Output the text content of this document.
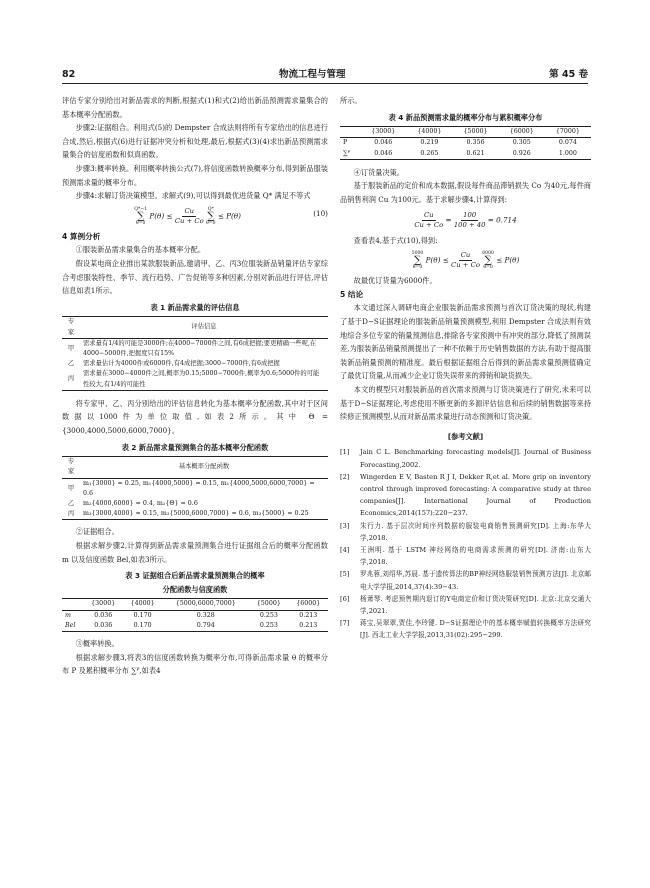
82	物流工程与管理	第 45 卷

评估专家分别给出对新品需求的判断,根据式(1)和式(2)给出新品预测需求量集合的基本概率分配函数。

步骤2:证据组合。利用式(5)的 Dempster 合成法则将所有专家给出的信息进行合成,然后,根据式(6)进行证据冲突分析和处理,最后,根据式(3)(4)求出新品预测需求量集合的信度函数和似真函数。

步骤3:概率转换。利用概率转换公式(7),将信度函数转换概率分布,得到新品服装预测需求量的概率分布。

步骤4:求解订货决策模型。求解式(9),可以得到最优进货量 Q* 满足不等式

Q*−1
∑
θ=0
$P(\theta) \le \frac{Cu}{Cu + Co}$
Q*
∑
θ=0
≤ P(θ)	(10)
4 算例分析

①服装新品需求量集合的基本概率分配。

假设某电商企业推出某款服装新品,邀请甲、乙、丙3位服装新品销量评估专家综合考虑服装特性、季节、流行趋势、广告促销等多种因素,分别对新品进行评估,评估信息如表1所示。

表 1 新品需求量的评估信息
专家	评估信息
甲	需求量有1/4的可能是3000件;在4000−7000件之间,有6成把握;要更精确一些呢,在4000−5000件,把握度只有15%
乙	需求量估计为4000件或6000件,有4成把握;3000−7000件,有6成把握
丙	需求量在3000−4000件之间,概率为0.15;5000−7000件,概率为0.6;5000件的可能性较大,有1/4的可能性

将专家甲、乙、丙分别给出的评估信息转化为基本概率分配函数,其中对于区间数据以1000件为单位取值,如表2所示。其中 Θ = {3000,4000,5000,6000,7000}。

表 2 新品需求量预测集合的基本概率分配函数
专家	基本概率分配函数
甲	m₁{3000} = 0.25, m₁{4000,5000} = 0.15, m₁{4000,5000,6000,7000} = 0.6
乙	m₂{4000,6000} = 0.4, m₂{Θ} = 0.6
丙	m₃{3000,4000} = 0.15, m₃{5000,6000,7000} = 0.6, m₃{5000} = 0.25

②证据组合。

根据求解步骤2,计算得到新品需求量预测集合进行证据组合后的概率分配函数 m 以及信度函数 Bel,如表3所示。

表 3 证据组合后新品需求量预测集合的概率
分配函数与信度函数
	{3000}	{4000}	{5000,6000,7000}	{5000}	{6000}
m	0.036	0.170	0.328	0.253	0.213
Bel	0.036	0.170	0.794	0.253	0.213

③概率转换。

根据求解步骤3,将表3的信度函数转换为概率分布,可得新品需求量 θ 的概率分布 P 及累积概率分布 ∑ᴾ,如表4

所示。

表 4 新品预测需求量的概率分布与累积概率分布
	{3000}	{4000}	{5000}	{6000}	{7000}
P	0.046	0.219	0.356	0.305	0.074
∑ᴾ	0.046	0.265	0.621	0.926	1.000

④订货量决策。

基于服装新品的定价和成本数据,假设每件商品滞销损失 Co 为40元,每件商品销售利润 Cu 为100元。基于求解步骤4,计算得到:

$\frac{Cu}{Cu + Co} = \frac{100}{100 + 40} = 0.714$

查看表4,基于式(10),得到:

5000
∑
θ=0
$P(\theta) \le \frac{Cu}{Cu + Co}$
6000
∑
θ=0
≤ P(θ)

故最优订货量为6000件。

5 结论

本文通过深入调研电商企业服装新品需求预测与首次订货决策的现状,构建了基于D−S证据理论的服装新品销量预测模型,利用 Dempster 合成法则有效地综合多位专家的销量预测信息,排除各专家预测中有冲突的部分,降低了预测误差,为服装新品销量预测提出了一种不依赖于历史销售数据的方法,有助于提高服装新品销量预测的精准度。最后根据证据组合后得到的新品需求量预测值确定了最优订货量,从而减少企业订货失误带来的滞销和缺货损失。

本文的模型只对服装新品的首次需求预测与订货决策进行了研究,未来可以基于D−S证据理论,考虑使用不断更新的多源评估信息和后续的销售数据等来持续修正预测模型,从而对新品需求量进行动态预测和订货决策。

[参考文献]
[1]	Jain C L. Benchmarking forecasting models[J]. Journal of Business Forecasting,2002.
[2]	Wingerden E V, Basten R J I, Dekker R,et al. More grip on inventory control through improved forecasting: A comparative study at three companies[J]. International Journal of Production Economics,2014(157):220−237.
[3]	朱行力. 基于层次时间序列数据的服装电商销售预测研究[D]. 上海:东华大学,2018.
[4]	王洲明. 基于 LSTM 神经网络的电商需求预测的研究[D]. 济南:山东大学,2018.
[5]	罗兆蓉,刘绍华,苏晨. 基于遗传算法的BP神经网络服装销售预测方法[J]. 北京邮电大学学报,2014,37(4):39−43.
[6]	杨萧琴. 考虑预售期内退订的Y电商定价和订货决策研究[D]. 北京:北京交通大学,2021.
[7]	蒋宝,吴翠翠,贾佳,李玲键. D−S证据理论中的基本概率赋值转换概率方法研究[J]. 西北工业大学学报,2013,31(02):295−299.
